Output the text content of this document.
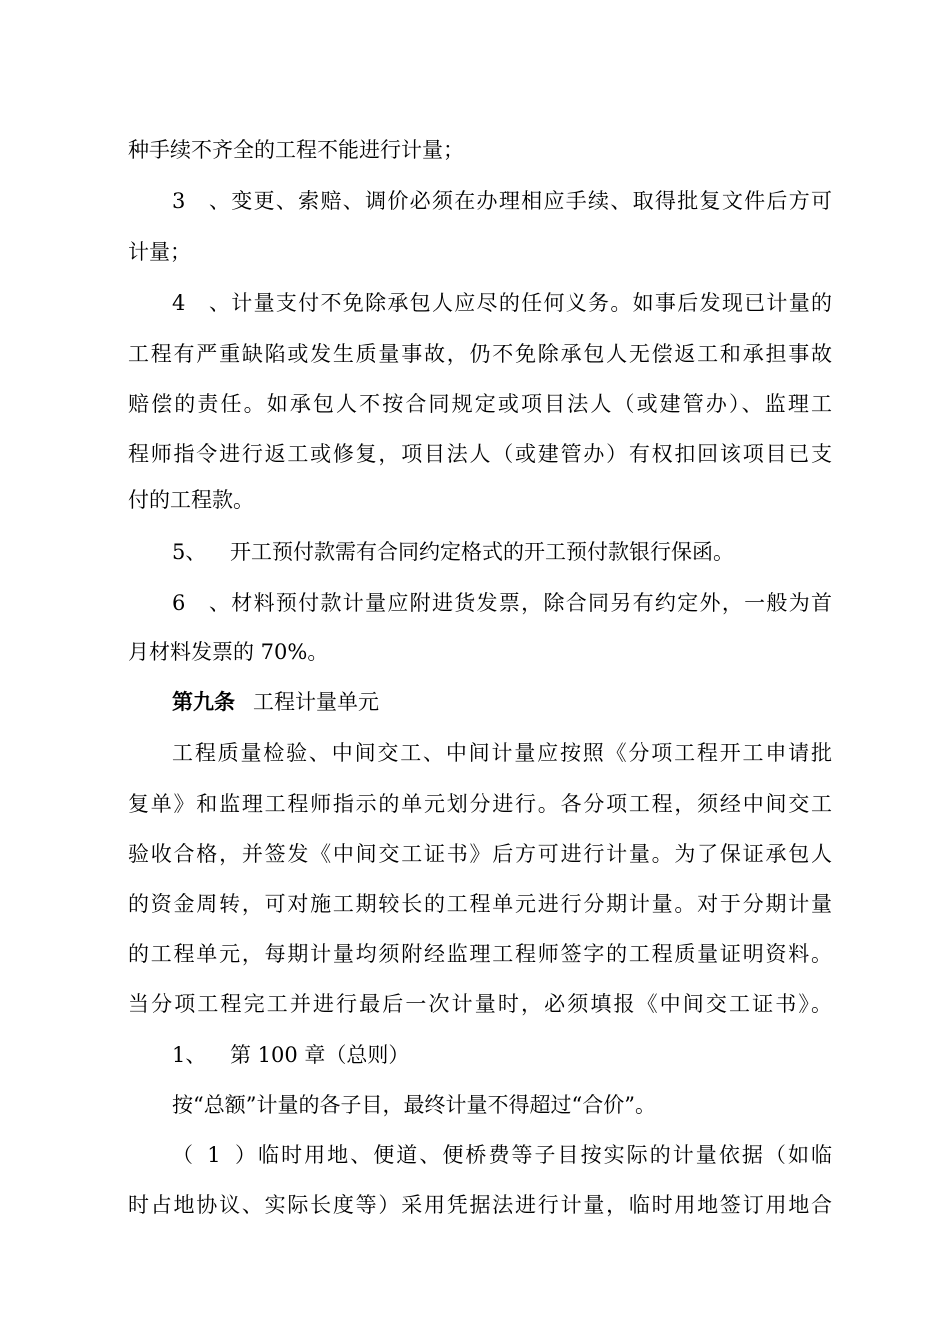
种手续不齐全的工程不能进行计量；
3、变更、索赔、调价必须在办理相应手续、取得批复文件后方可
计量；
4、计量支付不免除承包人应尽的任何义务。如事后发现已计量的
工程有严重缺陷或发生质量事故，仍不免除承包人无偿返工和承担事故
赔偿的责任。如承包人不按合同规定或项目法人（或建管办）、监理工
程师指令进行返工或修复，项目法人（或建管办）有权扣回该项目已支
付的工程款。
5、 开工预付款需有合同约定格式的开工预付款银行保函。
6、材料预付款计量应附进货发票，除合同另有约定外，一般为首
月材料发票的 70%。
第九条 工程计量单元
工程质量检验、中间交工、中间计量应按照《分项工程开工申请批
复单》和监理工程师指示的单元划分进行。各分项工程，须经中间交工
验收合格，并签发《中间交工证书》后方可进行计量。为了保证承包人
的资金周转，可对施工期较长的工程单元进行分期计量。对于分期计量
的工程单元，每期计量均须附经监理工程师签字的工程质量证明资料。
当分项工程完工并进行最后一次计量时，必须填报《中间交工证书》。
1、 第 100 章（总则）
按“总额”计量的各子目，最终计量不得超过“合价”。
（1）临时用地、便道、便桥费等子目按实际的计量依据（如临
时占地协议、实际长度等）采用凭据法进行计量，临时用地签订用地合
